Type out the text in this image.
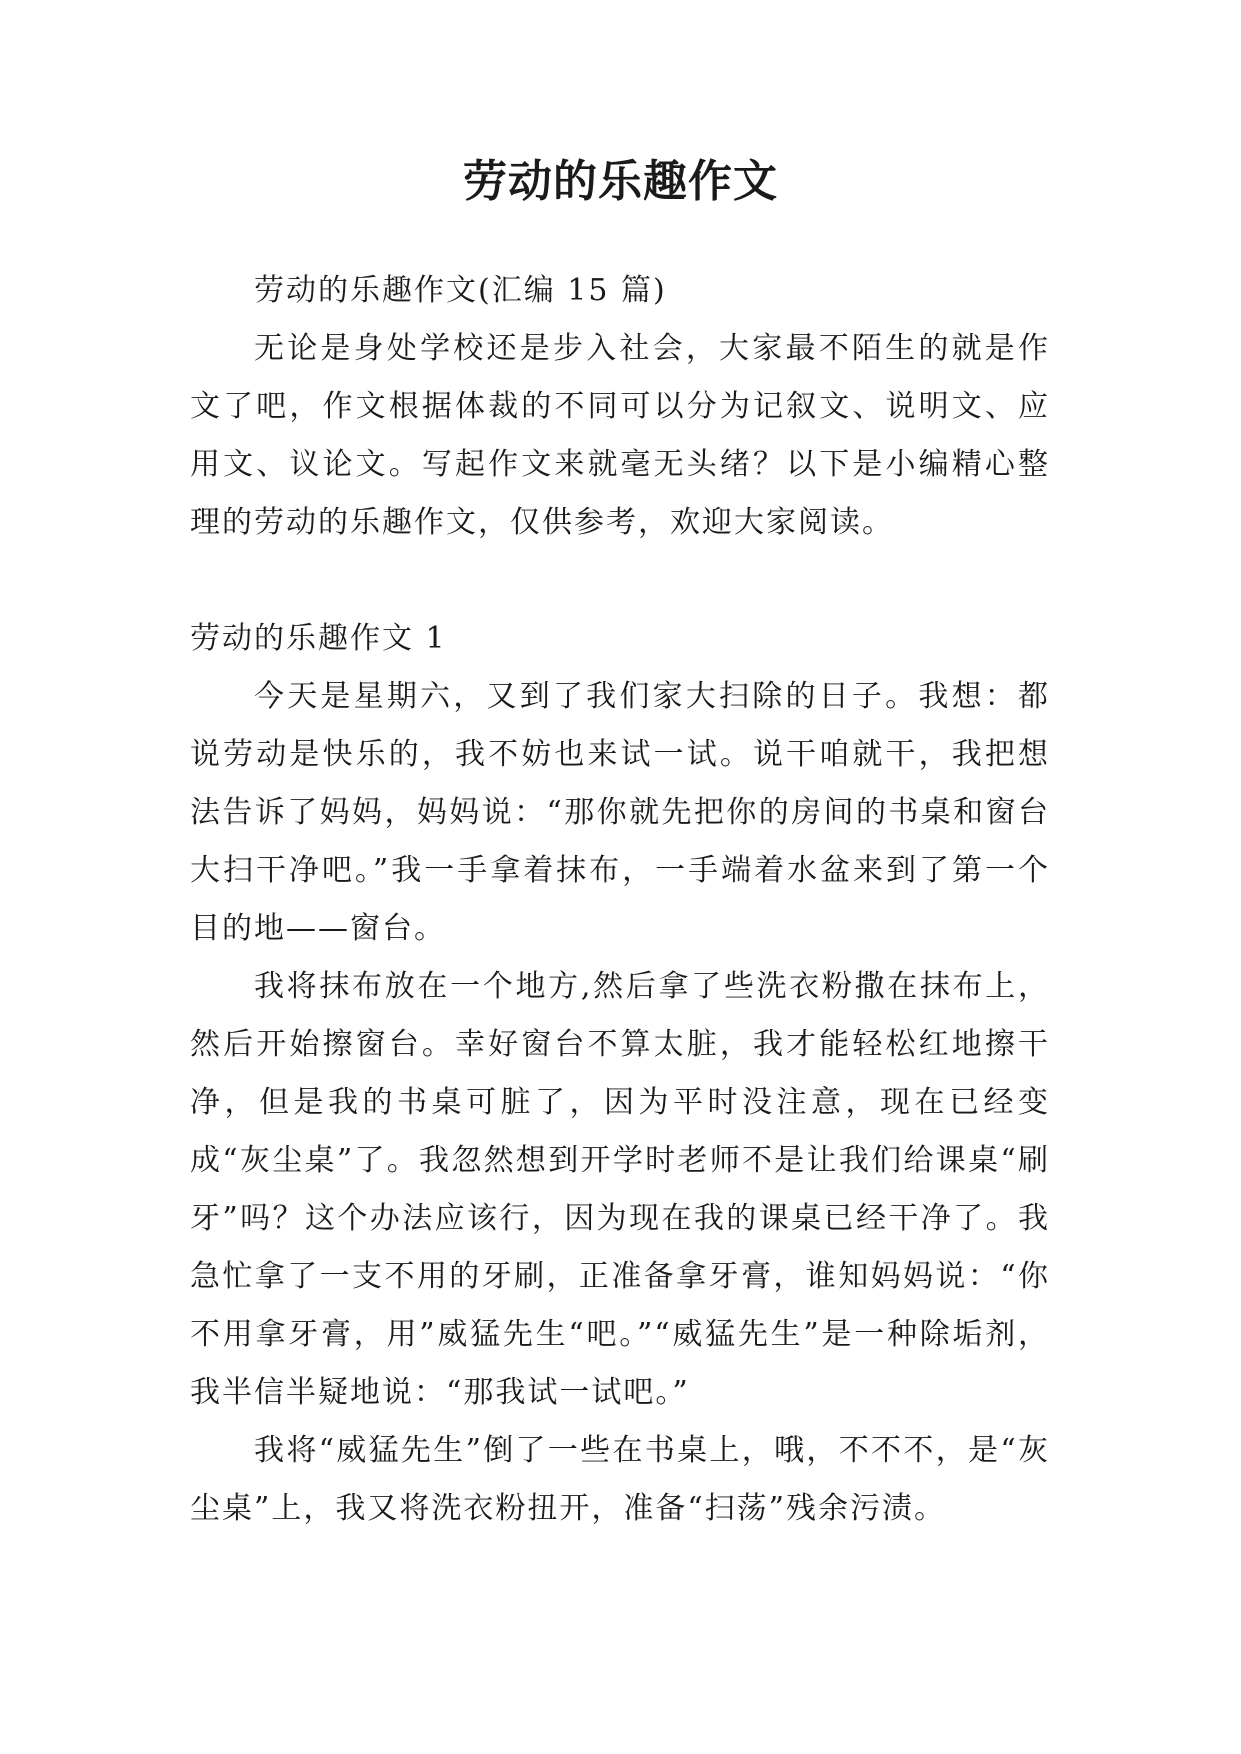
劳动的乐趣作文

劳动的乐趣作文(汇编 15 篇)

无论是身处学校还是步入社会，大家最不陌生的就是作文了吧，作文根据体裁的不同可以分为记叙文、说明文、应用文、议论文。写起作文来就毫无头绪？以下是小编精心整理的劳动的乐趣作文，仅供参考，欢迎大家阅读。

劳动的乐趣作文 1

今天是星期六，又到了我们家大扫除的日子。我想：都说劳动是快乐的，我不妨也来试一试。说干咱就干，我把想法告诉了妈妈，妈妈说：“那你就先把你的房间的书桌和窗台大扫干净吧。”我一手拿着抹布，一手端着水盆来到了第一个目的地——窗台。

我将抹布放在一个地方,然后拿了些洗衣粉撒在抹布上，然后开始擦窗台。幸好窗台不算太脏，我才能轻松红地擦干净，但是我的书桌可脏了，因为平时没注意，现在已经变成“灰尘桌”了。我忽然想到开学时老师不是让我们给课桌“刷牙”吗？这个办法应该行，因为现在我的课桌已经干净了。我急忙拿了一支不用的牙刷，正准备拿牙膏，谁知妈妈说：“你不用拿牙膏，用”威猛先生“吧。”“威猛先生”是一种除垢剂，我半信半疑地说：“那我试一试吧。”

我将“威猛先生”倒了一些在书桌上，哦，不不不，是“灰尘桌”上，我又将洗衣粉扭开，准备“扫荡”残余污渍。
